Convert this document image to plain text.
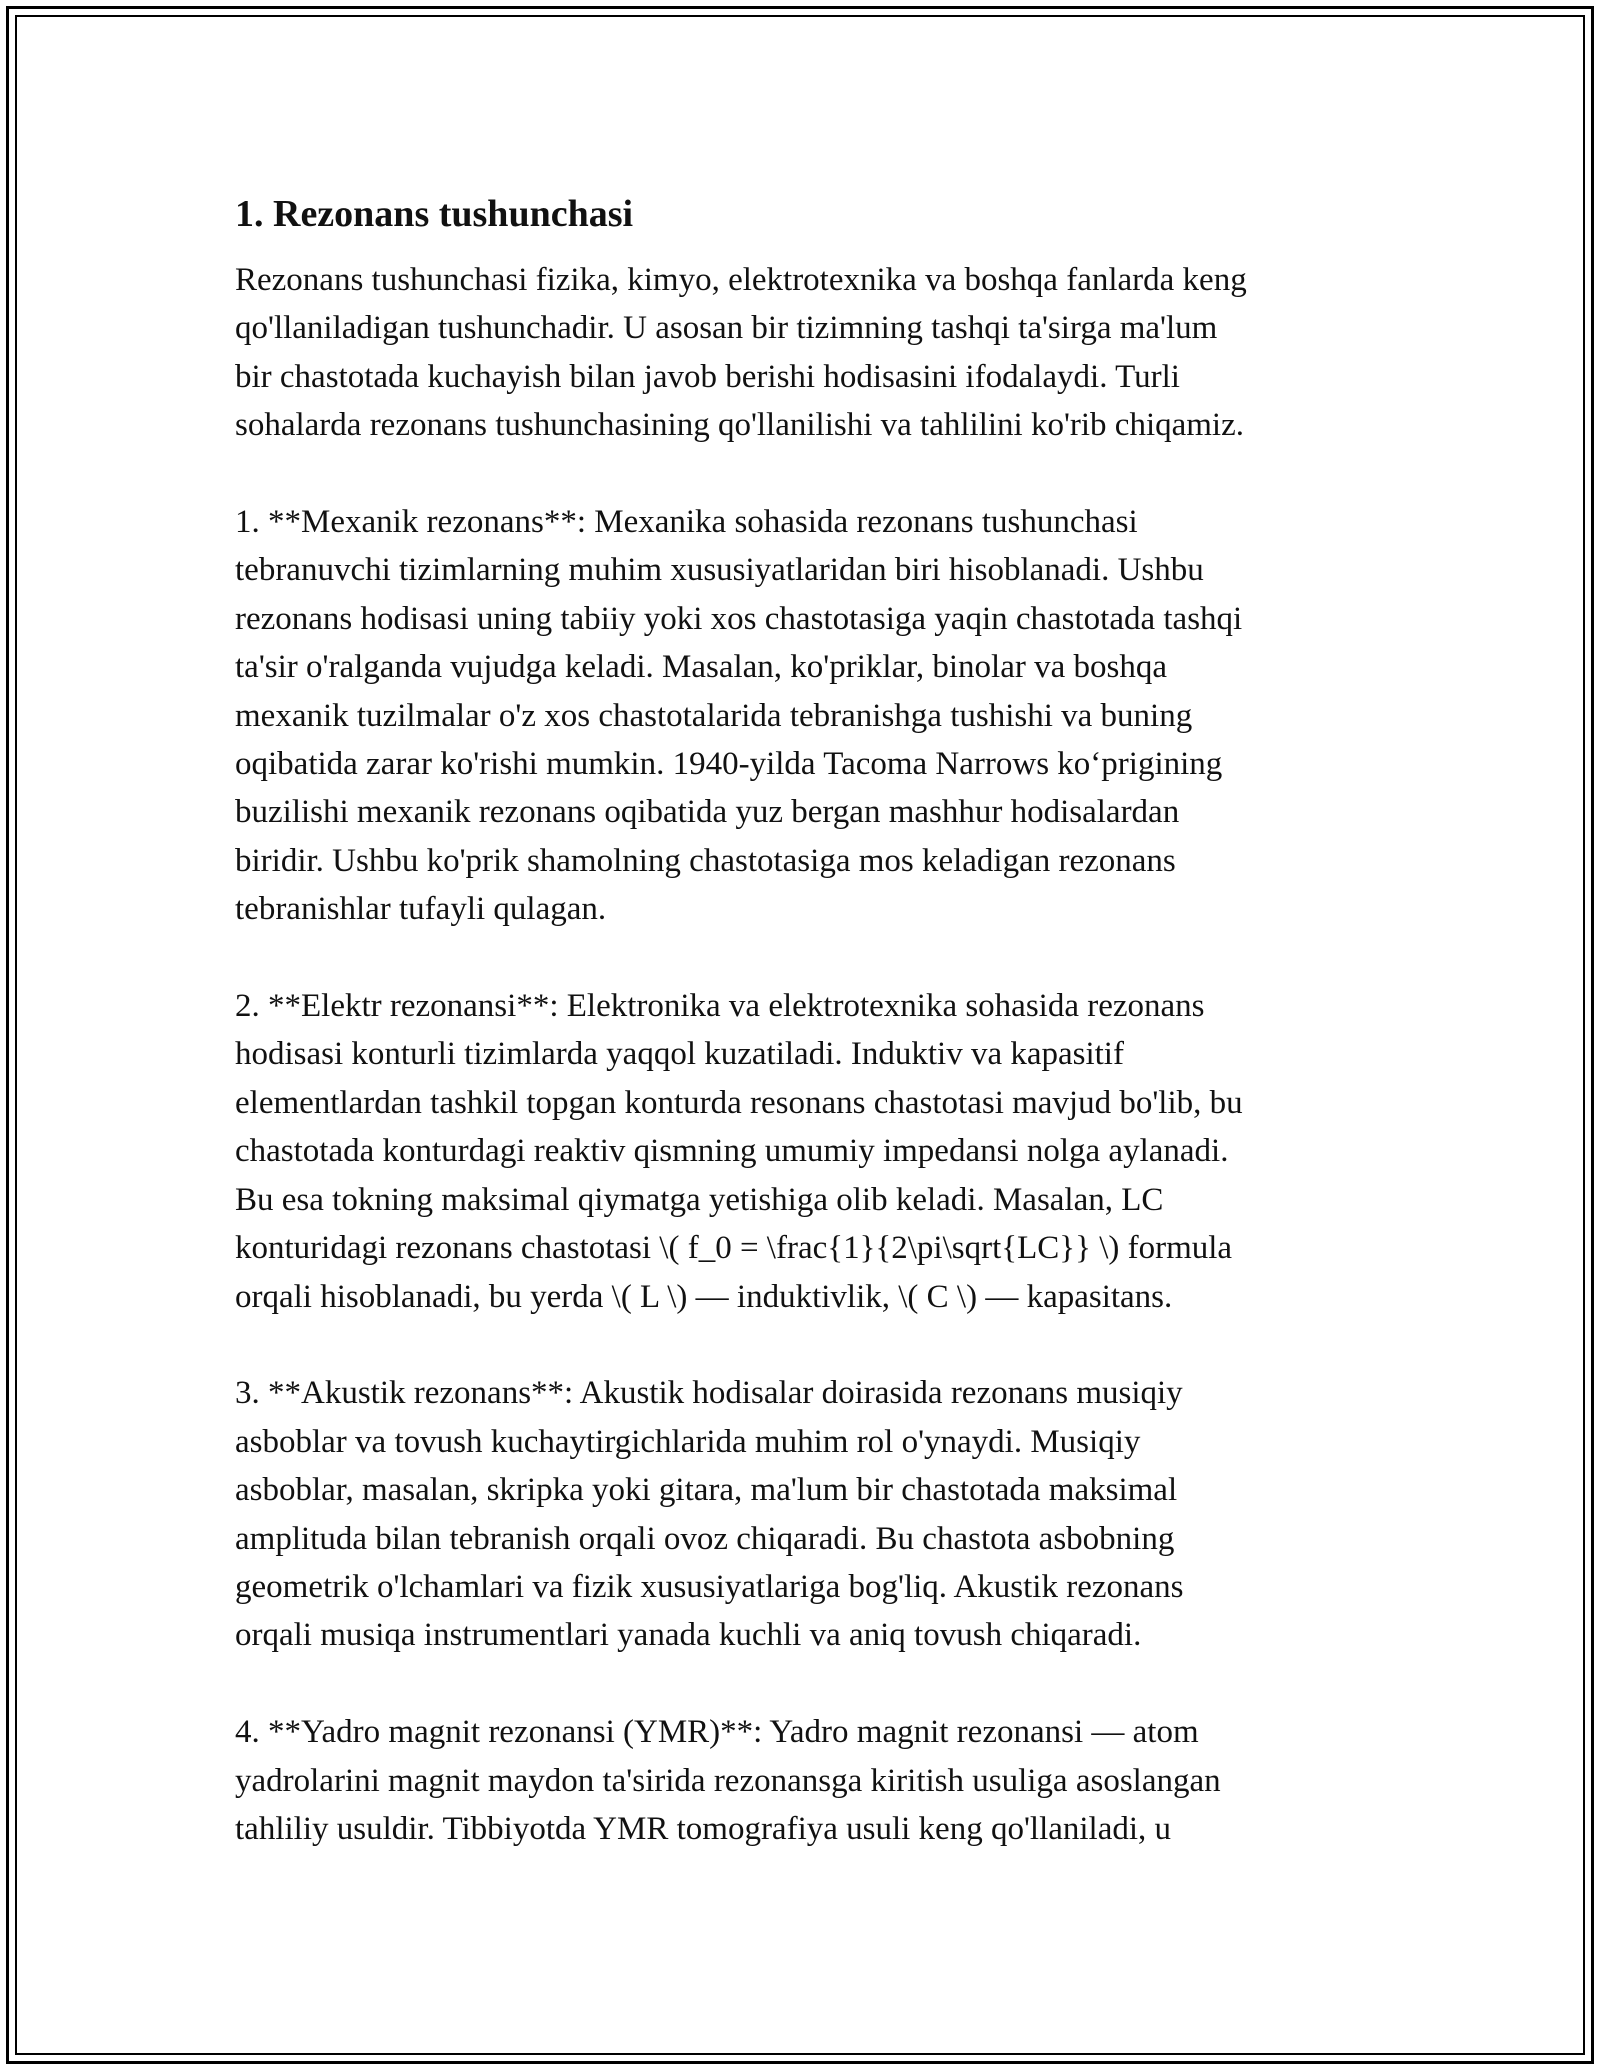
1. Rezonans tushunchasi

Rezonans tushunchasi fizika, kimyo, elektrotexnika va boshqa fanlarda keng
qo'llaniladigan tushunchadir. U asosan bir tizimning tashqi ta'sirga ma'lum
bir chastotada kuchayish bilan javob berishi hodisasini ifodalaydi. Turli
sohalarda rezonans tushunchasining qo'llanilishi va tahlilini ko'rib chiqamiz.

1. **Mexanik rezonans**: Mexanika sohasida rezonans tushunchasi
tebranuvchi tizimlarning muhim xususiyatlaridan biri hisoblanadi. Ushbu
rezonans hodisasi uning tabiiy yoki xos chastotasiga yaqin chastotada tashqi
ta'sir o'ralganda vujudga keladi. Masalan, ko'priklar, binolar va boshqa
mexanik tuzilmalar o'z xos chastotalarida tebranishga tushishi va buning
oqibatida zarar ko'rishi mumkin. 1940-yilda Tacoma Narrows ko‘prigining
buzilishi mexanik rezonans oqibatida yuz bergan mashhur hodisalardan
biridir. Ushbu ko'prik shamolning chastotasiga mos keladigan rezonans
tebranishlar tufayli qulagan.

2. **Elektr rezonansi**: Elektronika va elektrotexnika sohasida rezonans
hodisasi konturli tizimlarda yaqqol kuzatiladi. Induktiv va kapasitif
elementlardan tashkil topgan konturda resonans chastotasi mavjud bo'lib, bu
chastotada konturdagi reaktiv qismning umumiy impedansi nolga aylanadi.
Bu esa tokning maksimal qiymatga yetishiga olib keladi. Masalan, LC
konturidagi rezonans chastotasi \( f_0 = \frac{1}{2\pi\sqrt{LC}} \) formula
orqali hisoblanadi, bu yerda \( L \) — induktivlik, \( C \) — kapasitans.

3. **Akustik rezonans**: Akustik hodisalar doirasida rezonans musiqiy
asboblar va tovush kuchaytirgichlarida muhim rol o'ynaydi. Musiqiy
asboblar, masalan, skripka yoki gitara, ma'lum bir chastotada maksimal
amplituda bilan tebranish orqali ovoz chiqaradi. Bu chastota asbobning
geometrik o'lchamlari va fizik xususiyatlariga bog'liq. Akustik rezonans
orqali musiqa instrumentlari yanada kuchli va aniq tovush chiqaradi.

4. **Yadro magnit rezonansi (YMR)**: Yadro magnit rezonansi — atom
yadrolarini magnit maydon ta'sirida rezonansga kiritish usuliga asoslangan
tahliliy usuldir. Tibbiyotda YMR tomografiya usuli keng qo'llaniladi, u
